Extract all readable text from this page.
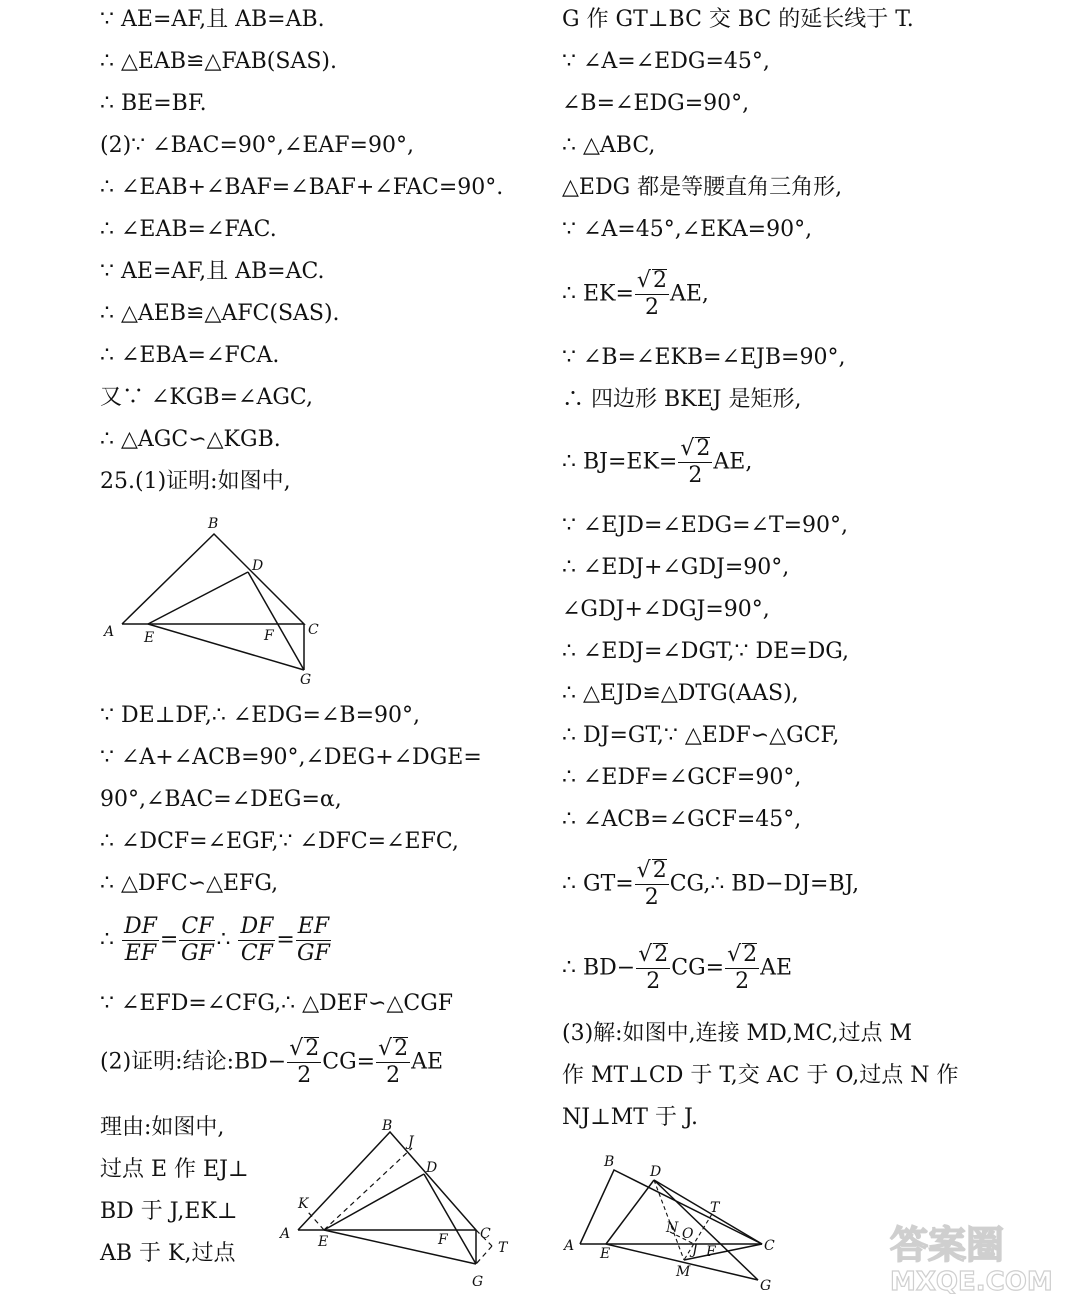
∵ AE=AF,且 AB=AB.
∴ △EAB≌△FAB(SAS).
∴ BE=BF.
(2)∵ ∠BAC=90°,∠EAF=90°,
∴ ∠EAB+∠BAF=∠BAF+∠FAC=90°.
∴ ∠EAB=∠FAC.
∵ AE=AF,且 AB=AC.
∴ △AEB≌△AFC(SAS).
∴ ∠EBA=∠FCA.
又∵ ∠KGB=∠AGC,
∴ △AGC∽△KGB.
25.(1)证明:如图中,
∵ DE⊥DF,∴ ∠EDG=∠B=90°,
∵ ∠A+∠ACB=90°,∠DEG+∠DGE=
90°,∠BAC=∠DEG=α,
∴ ∠DCF=∠EGF,∵ ∠DFC=∠EFC,
∴ △DFC∽△EFG,
∴ $\frac{DF}{EF} = \frac{CF}{GF}$ ∴ $\frac{DF}{CF} = \frac{EF}{GF}$
∵ ∠EFD=∠CFG,∴ △DEF∽△CGF
(2)证明:结论:BD− $\frac{√2}{2} CG= \frac{√2}{2}$ AE
理由:如图中,
过点 E 作 EJ⊥
BD 于 J,EK⊥
AB 于 K,过点
B
D
A E	F C
G
B
J
D
K
A E	F C
T
G
G 作 GT⊥BC 交 BC 的延长线于 T.
∵ ∠A=∠EDG=45°,
∠B=∠EDG=90°,
∴ △ABC,
△EDG 都是等腰直角三角形,
∵ ∠A=45°,∠EKA=90°,
∴ $EK= \frac{√2}{2}$ AE,
∵ ∠B=∠EKB=∠EJB=90°,
∴ 四边形 BKEJ 是矩形,
∴ $BJ=EK= \frac{√2}{2}$ AE,
∵ ∠EJD=∠EDG=∠T=90°,
∴ ∠EDJ+∠GDJ=90°,
∠GDJ+∠DGJ=90°,
∴ ∠EDJ=∠DGT,∵ DE=DG,
∴ △EJD≌△DTG(AAS),
∴ DJ=GT,∵ △EDF∽△GCF,
∴ ∠EDF=∠GCF=90°,
∴ ∠ACB=∠GCF=45°,
∴ $GT= \frac{√2}{2}$ CG,∴ BD−DJ=BJ,
∴ $BD- \frac{√2}{2} CG= \frac{√2}{2}$ AE
(3)解:如图中,连接 MD,MC,过点 M
作 MT⊥CD 于 T,交 AC 于 O,过点 N 作
NJ⊥MT 于 J.
B
D
T
A E
N O
J F	C
M
G
答案圈
MXQE.COM
